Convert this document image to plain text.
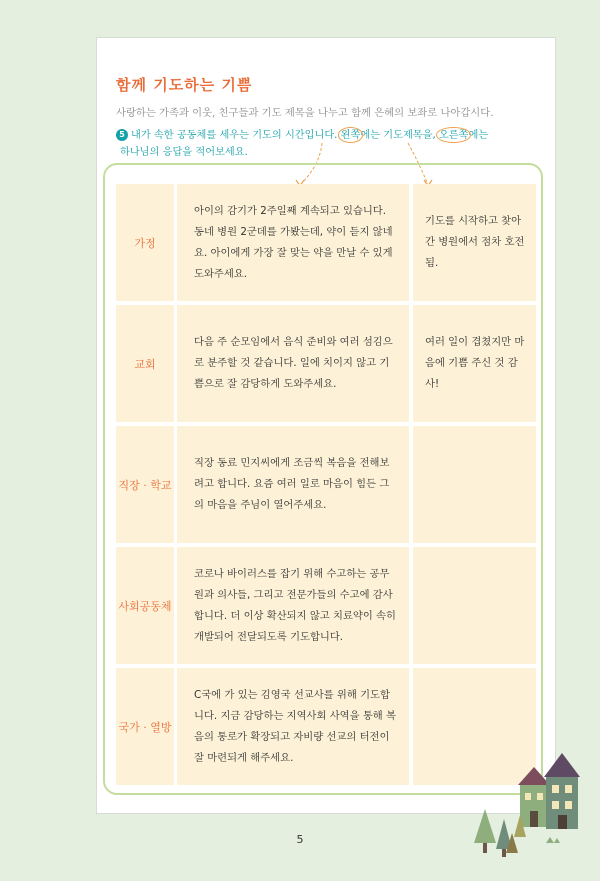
함께 기도하는 기쁨
사랑하는 가족과 이웃, 친구들과 기도 제목을 나누고 함께 은혜의 보좌로 나아갑시다.
5 내가 속한 공동체를 세우는 기도의 시간입니다. 왼쪽에는 기도제목을, 오른쪽에는
하나님의 응답을 적어보세요.
가정
아이의 감기가 2주일째 계속되고 있습니다. 동네 병원 2군데를 가봤는데, 약이 듣지 않네요. 아이에게 가장 잘 맞는 약을 만날 수 있게 도와주세요.
기도를 시작하고 찾아간 병원에서 점차 호전됨.
교회
다음 주 순모임에서 음식 준비와 여러 섬김으로 분주할 것 같습니다. 일에 치이지 않고 기쁨으로 잘 감당하게 도와주세요.
여러 일이 겹쳤지만 마음에 기쁨 주신 것 감사!
직장 · 학교
직장 동료 민지씨에게 조금씩 복음을 전해보려고 합니다. 요즘 여러 일로 마음이 힘든 그의 마음을 주님이 열어주세요.
사회공동체
코로나 바이러스를 잡기 위해 수고하는 공무원과 의사들, 그리고 전문가들의 수고에 감사합니다. 더 이상 확산되지 않고 치료약이 속히 개발되어 전달되도록 기도합니다.
국가 · 열방
C국에 가 있는 김영국 선교사를 위해 기도합니다. 지금 감당하는 지역사회 사역을 통해 복음의 통로가 확장되고 자비량 선교의 터전이 잘 마련되게 해주세요.
5
